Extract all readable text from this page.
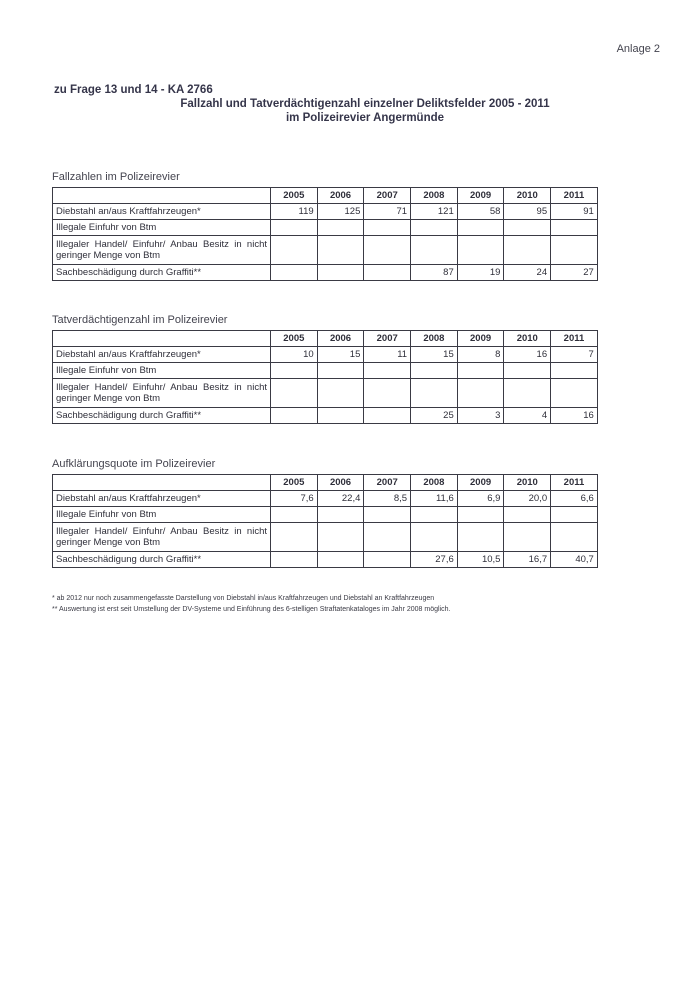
Anlage 2
zu Frage 13 und 14 - KA 2766
Fallzahl und Tatverdächtigenzahl einzelner Deliktsfelder 2005 - 2011
im Polizeirevier Angermünde
Fallzahlen im Polizeirevier
	2005	2006	2007	2008	2009	2010	2011
Diebstahl an/aus Kraftfahrzeugen*	119	125	71	121	58	95	91
Illegale Einfuhr von Btm							
Illegaler Handel/ Einfuhr/ Anbau Besitz in nicht geringer Menge von Btm							
Sachbeschädigung durch Graffiti**				87	19	24	27
Tatverdächtigenzahl im Polizeirevier
	2005	2006	2007	2008	2009	2010	2011
Diebstahl an/aus Kraftfahrzeugen*	10	15	11	15	8	16	7
Illegale Einfuhr von Btm							
Illegaler Handel/ Einfuhr/ Anbau Besitz in nicht geringer Menge von Btm							
Sachbeschädigung durch Graffiti**				25	3	4	16
Aufklärungsquote im Polizeirevier
	2005	2006	2007	2008	2009	2010	2011
Diebstahl an/aus Kraftfahrzeugen*	7,6	22,4	8,5	11,6	6,9	20,0	6,6
Illegale Einfuhr von Btm							
Illegaler Handel/ Einfuhr/ Anbau Besitz in nicht geringer Menge von Btm							
Sachbeschädigung durch Graffiti**				27,6	10,5	16,7	40,7
* ab 2012 nur noch zusammengefasste Darstellung von Diebstahl in/aus Kraftfahrzeugen und Diebstahl an Kraftfahrzeugen
** Auswertung ist erst seit Umstellung der DV-Systeme und Einführung des 6-stelligen Straftatenkataloges im Jahr 2008 möglich.
